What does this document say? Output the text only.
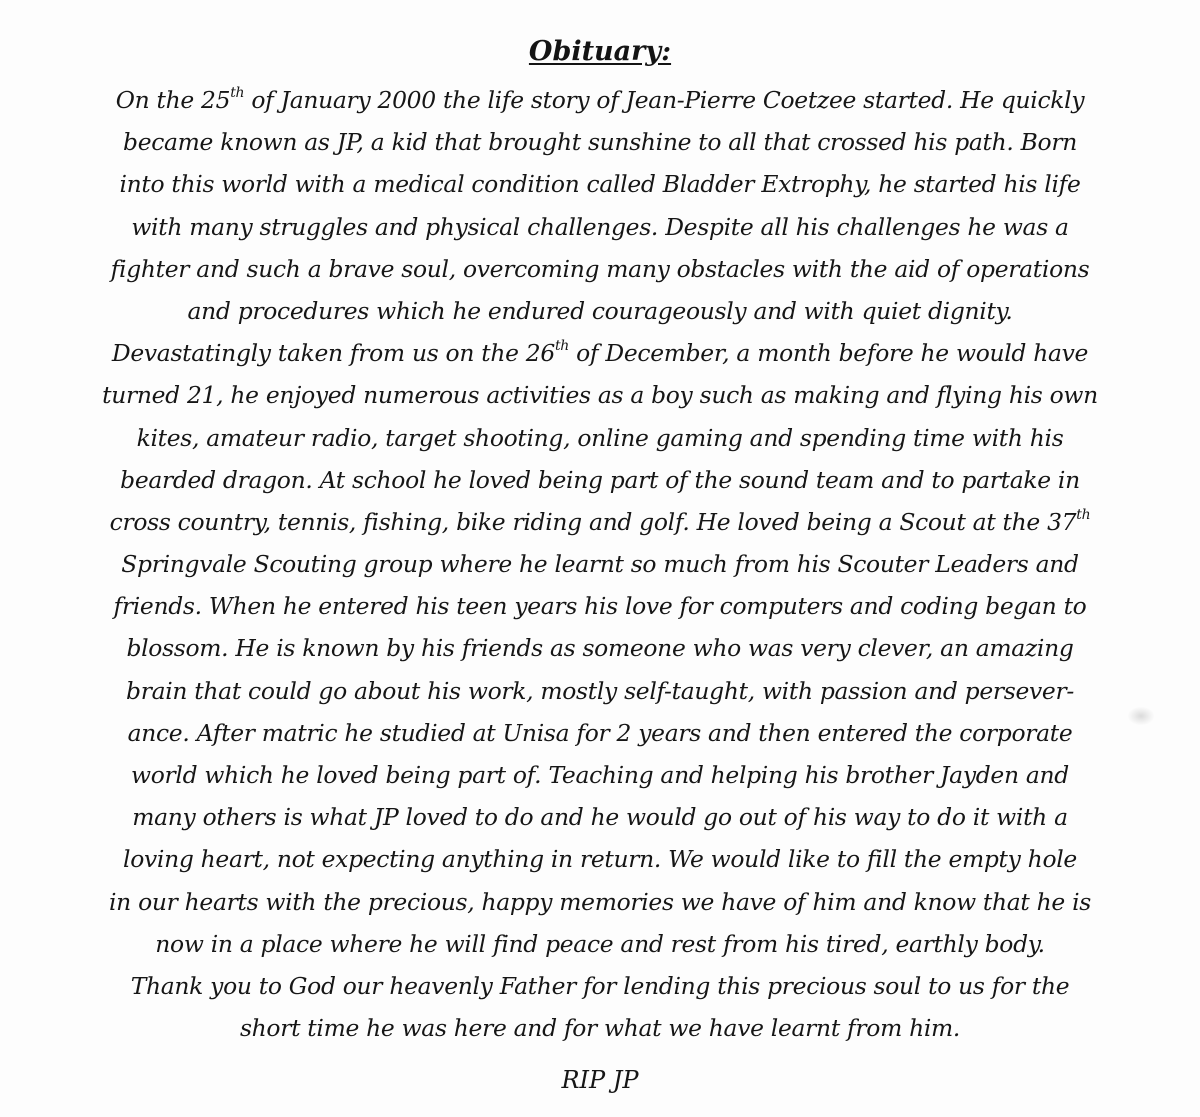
Obituary:
On the 25th of January 2000 the life story of Jean-Pierre Coetzee started. He quickly
became known as JP, a kid that brought sunshine to all that crossed his path. Born
into this world with a medical condition called Bladder Extrophy, he started his life
with many struggles and physical challenges. Despite all his challenges he was a
fighter and such a brave soul, overcoming many obstacles with the aid of operations
and procedures which he endured courageously and with quiet dignity.
Devastatingly taken from us on the 26th of December, a month before he would have
turned 21, he enjoyed numerous activities as a boy such as making and flying his own
kites, amateur radio, target shooting, online gaming and spending time with his
bearded dragon. At school he loved being part of the sound team and to partake in
cross country, tennis, fishing, bike riding and golf. He loved being a Scout at the 37th
Springvale Scouting group where he learnt so much from his Scouter Leaders and
friends. When he entered his teen years his love for computers and coding began to
blossom. He is known by his friends as someone who was very clever, an amazing
brain that could go about his work, mostly self-taught, with passion and persever-
ance. After matric he studied at Unisa for 2 years and then entered the corporate
world which he loved being part of. Teaching and helping his brother Jayden and
many others is what JP loved to do and he would go out of his way to do it with a
loving heart, not expecting anything in return. We would like to fill the empty hole
in our hearts with the precious, happy memories we have of him and know that he is
now in a place where he will find peace and rest from his tired, earthly body.
Thank you to God our heavenly Father for lending this precious soul to us for the
short time he was here and for what we have learnt from him.
RIP JP
